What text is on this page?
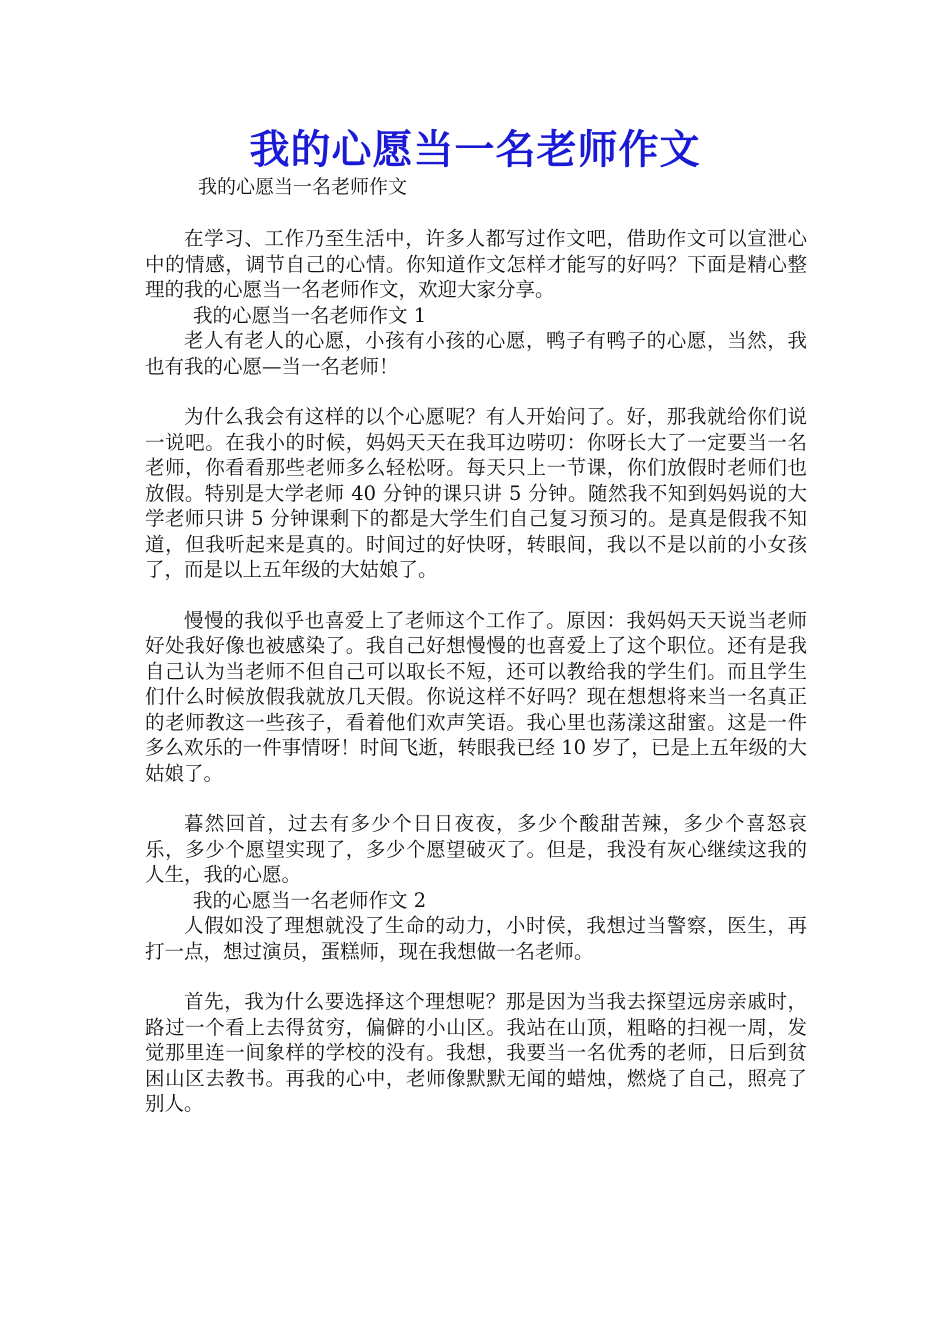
我的心愿当一名老师作文
我的心愿当一名老师作文

在学习、工作乃至生活中，许多人都写过作文吧，借助作文可以宣泄心中的情感，调节自己的心情。你知道作文怎样才能写的好吗？下面是精心整理的我的心愿当一名老师作文，欢迎大家分享。

我的心愿当一名老师作文 1

老人有老人的心愿，小孩有小孩的心愿，鸭子有鸭子的心愿，当然，我也有我的心愿—当一名老师！

为什么我会有这样的以个心愿呢？有人开始问了。好，那我就给你们说一说吧。在我小的时候，妈妈天天在我耳边唠叨：你呀长大了一定要当一名老师，你看看那些老师多么轻松呀。每天只上一节课，你们放假时老师们也放假。特别是大学老师 40 分钟的课只讲 5 分钟。随然我不知到妈妈说的大学老师只讲 5 分钟课剩下的都是大学生们自己复习预习的。是真是假我不知道，但我听起来是真的。时间过的好快呀，转眼间，我以不是以前的小女孩了，而是以上五年级的大姑娘了。

慢慢的我似乎也喜爱上了老师这个工作了。原因：我妈妈天天说当老师好处我好像也被感染了。我自己好想慢慢的也喜爱上了这个职位。还有是我自己认为当老师不但自己可以取长不短，还可以教给我的学生们。而且学生们什么时候放假我就放几天假。你说这样不好吗？现在想想将来当一名真正的老师教这一些孩子，看着他们欢声笑语。我心里也荡漾这甜蜜。这是一件多么欢乐的一件事情呀！时间飞逝，转眼我已经 10 岁了，已是上五年级的大姑娘了。

暮然回首，过去有多少个日日夜夜，多少个酸甜苦辣，多少个喜怒哀乐，多少个愿望实现了，多少个愿望破灭了。但是，我没有灰心继续这我的人生，我的心愿。

我的心愿当一名老师作文 2

人假如没了理想就没了生命的动力，小时侯，我想过当警察，医生，再打一点，想过演员，蛋糕师，现在我想做一名老师。

首先，我为什么要选择这个理想呢？那是因为当我去探望远房亲戚时，路过一个看上去得贫穷，偏僻的小山区。我站在山顶，粗略的扫视一周，发觉那里连一间象样的学校的没有。我想，我要当一名优秀的老师，日后到贫困山区去教书。再我的心中，老师像默默无闻的蜡烛，燃烧了自己，照亮了别人。
